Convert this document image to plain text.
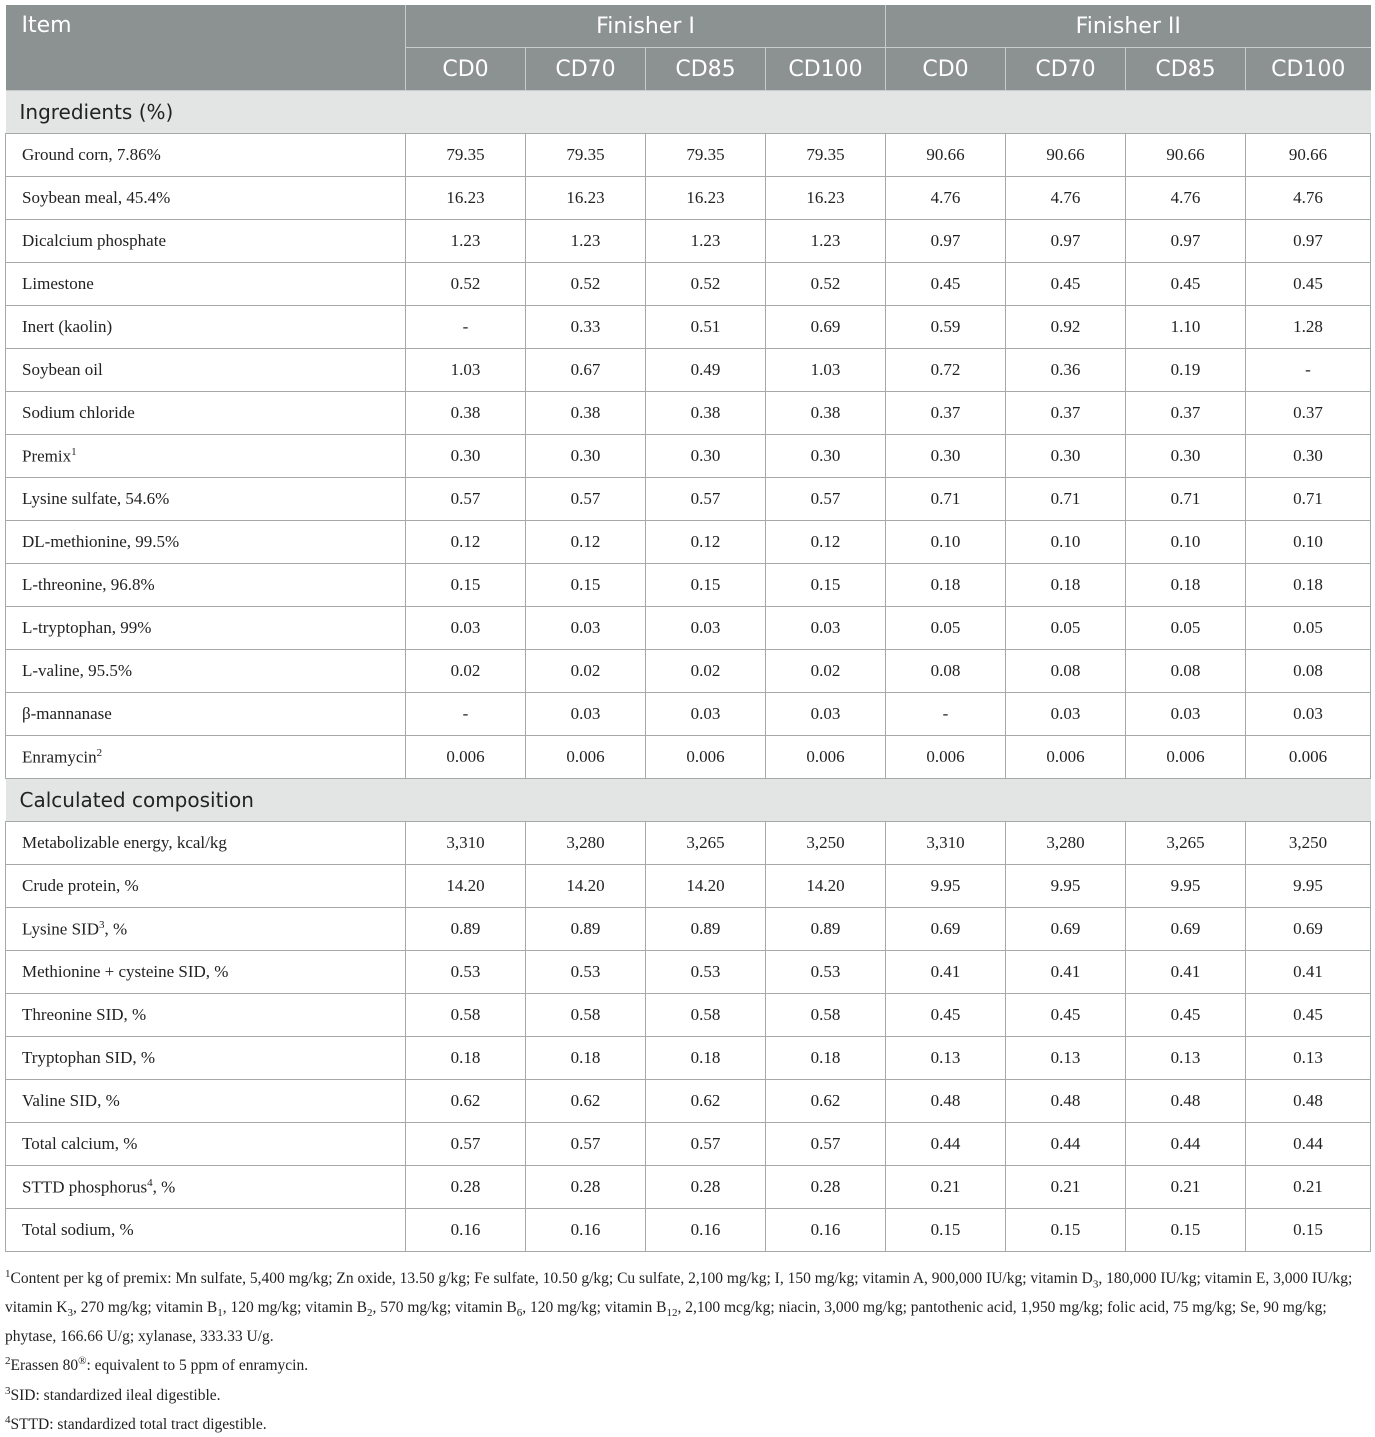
Item	Finisher I				Finisher II			
	CD0	CD70	CD85	CD100	CD0	CD70	CD85	CD100
Ingredients (%)								
Ground corn, 7.86%	79.35	79.35	79.35	79.35	90.66	90.66	90.66	90.66
Soybean meal, 45.4%	16.23	16.23	16.23	16.23	4.76	4.76	4.76	4.76
Dicalcium phosphate	1.23	1.23	1.23	1.23	0.97	0.97	0.97	0.97
Limestone	0.52	0.52	0.52	0.52	0.45	0.45	0.45	0.45
Inert (kaolin)	-	0.33	0.51	0.69	0.59	0.92	1.10	1.28
Soybean oil	1.03	0.67	0.49	1.03	0.72	0.36	0.19	-
Sodium chloride	0.38	0.38	0.38	0.38	0.37	0.37	0.37	0.37
Premix$^1$	0.30	0.30	0.30	0.30	0.30	0.30	0.30	0.30
Lysine sulfate, 54.6%	0.57	0.57	0.57	0.57	0.71	0.71	0.71	0.71
DL-methionine, 99.5%	0.12	0.12	0.12	0.12	0.10	0.10	0.10	0.10
L-threonine, 96.8%	0.15	0.15	0.15	0.15	0.18	0.18	0.18	0.18
L-tryptophan, 99%	0.03	0.03	0.03	0.03	0.05	0.05	0.05	0.05
L-valine, 95.5%	0.02	0.02	0.02	0.02	0.08	0.08	0.08	0.08
β-mannanase	-	0.03	0.03	0.03	-	0.03	0.03	0.03
Enramycin$^2$	0.006	0.006	0.006	0.006	0.006	0.006	0.006	0.006
Calculated composition								
Metabolizable energy, kcal/kg	3,310	3,280	3,265	3,250	3,310	3,280	3,265	3,250
Crude protein, %	14.20	14.20	14.20	14.20	9.95	9.95	9.95	9.95
Lysine SID$^3$, %	0.89	0.89	0.89	0.89	0.69	0.69	0.69	0.69
Methionine + cysteine SID, %	0.53	0.53	0.53	0.53	0.41	0.41	0.41	0.41
Threonine SID, %	0.58	0.58	0.58	0.58	0.45	0.45	0.45	0.45
Tryptophan SID, %	0.18	0.18	0.18	0.18	0.13	0.13	0.13	0.13
Valine SID, %	0.62	0.62	0.62	0.62	0.48	0.48	0.48	0.48
Total calcium, %	0.57	0.57	0.57	0.57	0.44	0.44	0.44	0.44
STTD phosphorus$^4$, %	0.28	0.28	0.28	0.28	0.21	0.21	0.21	0.21
Total sodium, %	0.16	0.16	0.16	0.16	0.15	0.15	0.15	0.15

$^1$Content per kg of premix: Mn sulfate, 5,400 mg/kg; Zn oxide, 13.50 g/kg; Fe sulfate, 10.50 g/kg; Cu sulfate, 2,100 mg/kg; I, 150 mg/kg; vitamin A, 900,000 IU/kg; vitamin $D_3$, 180,000 IU/kg; vitamin E, 3,000 IU/kg; vitamin $K_3$, 270 mg/kg; vitamin $B_1$, 120 mg/kg; vitamin $B_2$, 570 mg/kg; vitamin $B_6$, 120 mg/kg; vitamin $B_{12}$, 2,100 mcg/kg; niacin, 3,000 mg/kg; pantothenic acid, 1,950 mg/kg; folic acid, 75 mg/kg; Se, 90 mg/kg; phytase, 166.66 U/g; xylanase, 333.33 U/g.

$^2$Erassen 80®: equivalent to 5 ppm of enramycin.

$^3$SID: standardized ileal digestible.

$^4$STTD: standardized total tract digestible.
